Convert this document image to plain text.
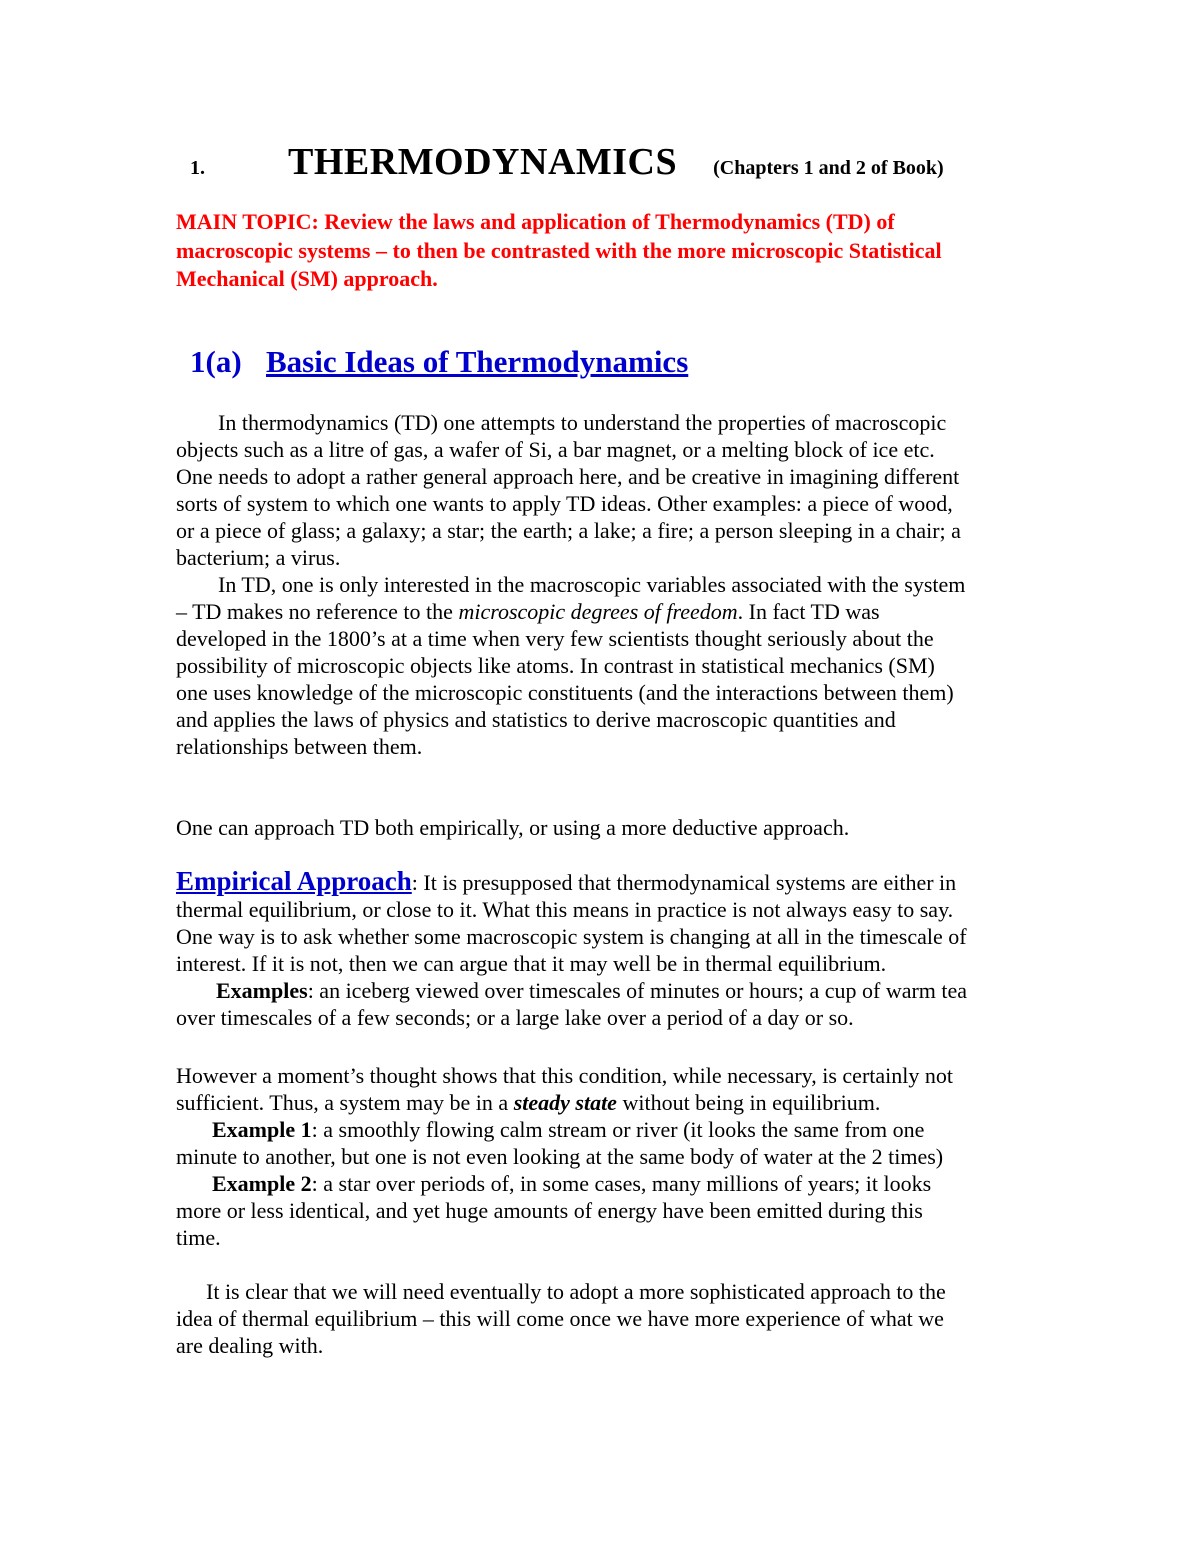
1. THERMODYNAMICS (Chapters 1 and 2 of Book)
MAIN TOPIC: Review the laws and application of Thermodynamics (TD) of
macroscopic systems – to then be contrasted with the more microscopic Statistical
Mechanical (SM) approach.
1(a) Basic Ideas of Thermodynamics
In thermodynamics (TD) one attempts to understand the properties of macroscopic
objects such as a litre of gas, a wafer of Si, a bar magnet, or a melting block of ice etc.
One needs to adopt a rather general approach here, and be creative in imagining different
sorts of system to which one wants to apply TD ideas. Other examples: a piece of wood,
or a piece of glass; a galaxy; a star; the earth; a lake; a fire; a person sleeping in a chair; a
bacterium; a virus.
In TD, one is only interested in the macroscopic variables associated with the system
– TD makes no reference to the microscopic degrees of freedom. In fact TD was
developed in the 1800’s at a time when very few scientists thought seriously about the
possibility of microscopic objects like atoms. In contrast in statistical mechanics (SM)
one uses knowledge of the microscopic constituents (and the interactions between them)
and applies the laws of physics and statistics to derive macroscopic quantities and
relationships between them.
One can approach TD both empirically, or using a more deductive approach.
Empirical Approach: It is presupposed that thermodynamical systems are either in
thermal equilibrium, or close to it. What this means in practice is not always easy to say.
One way is to ask whether some macroscopic system is changing at all in the timescale of
interest. If it is not, then we can argue that it may well be in thermal equilibrium.
Examples: an iceberg viewed over timescales of minutes or hours; a cup of warm tea
over timescales of a few seconds; or a large lake over a period of a day or so.
However a moment’s thought shows that this condition, while necessary, is certainly not
sufficient. Thus, a system may be in a steady state without being in equilibrium.
Example 1: a smoothly flowing calm stream or river (it looks the same from one
minute to another, but one is not even looking at the same body of water at the 2 times)
Example 2: a star over periods of, in some cases, many millions of years; it looks
more or less identical, and yet huge amounts of energy have been emitted during this
time.
It is clear that we will need eventually to adopt a more sophisticated approach to the
idea of thermal equilibrium – this will come once we have more experience of what we
are dealing with.
